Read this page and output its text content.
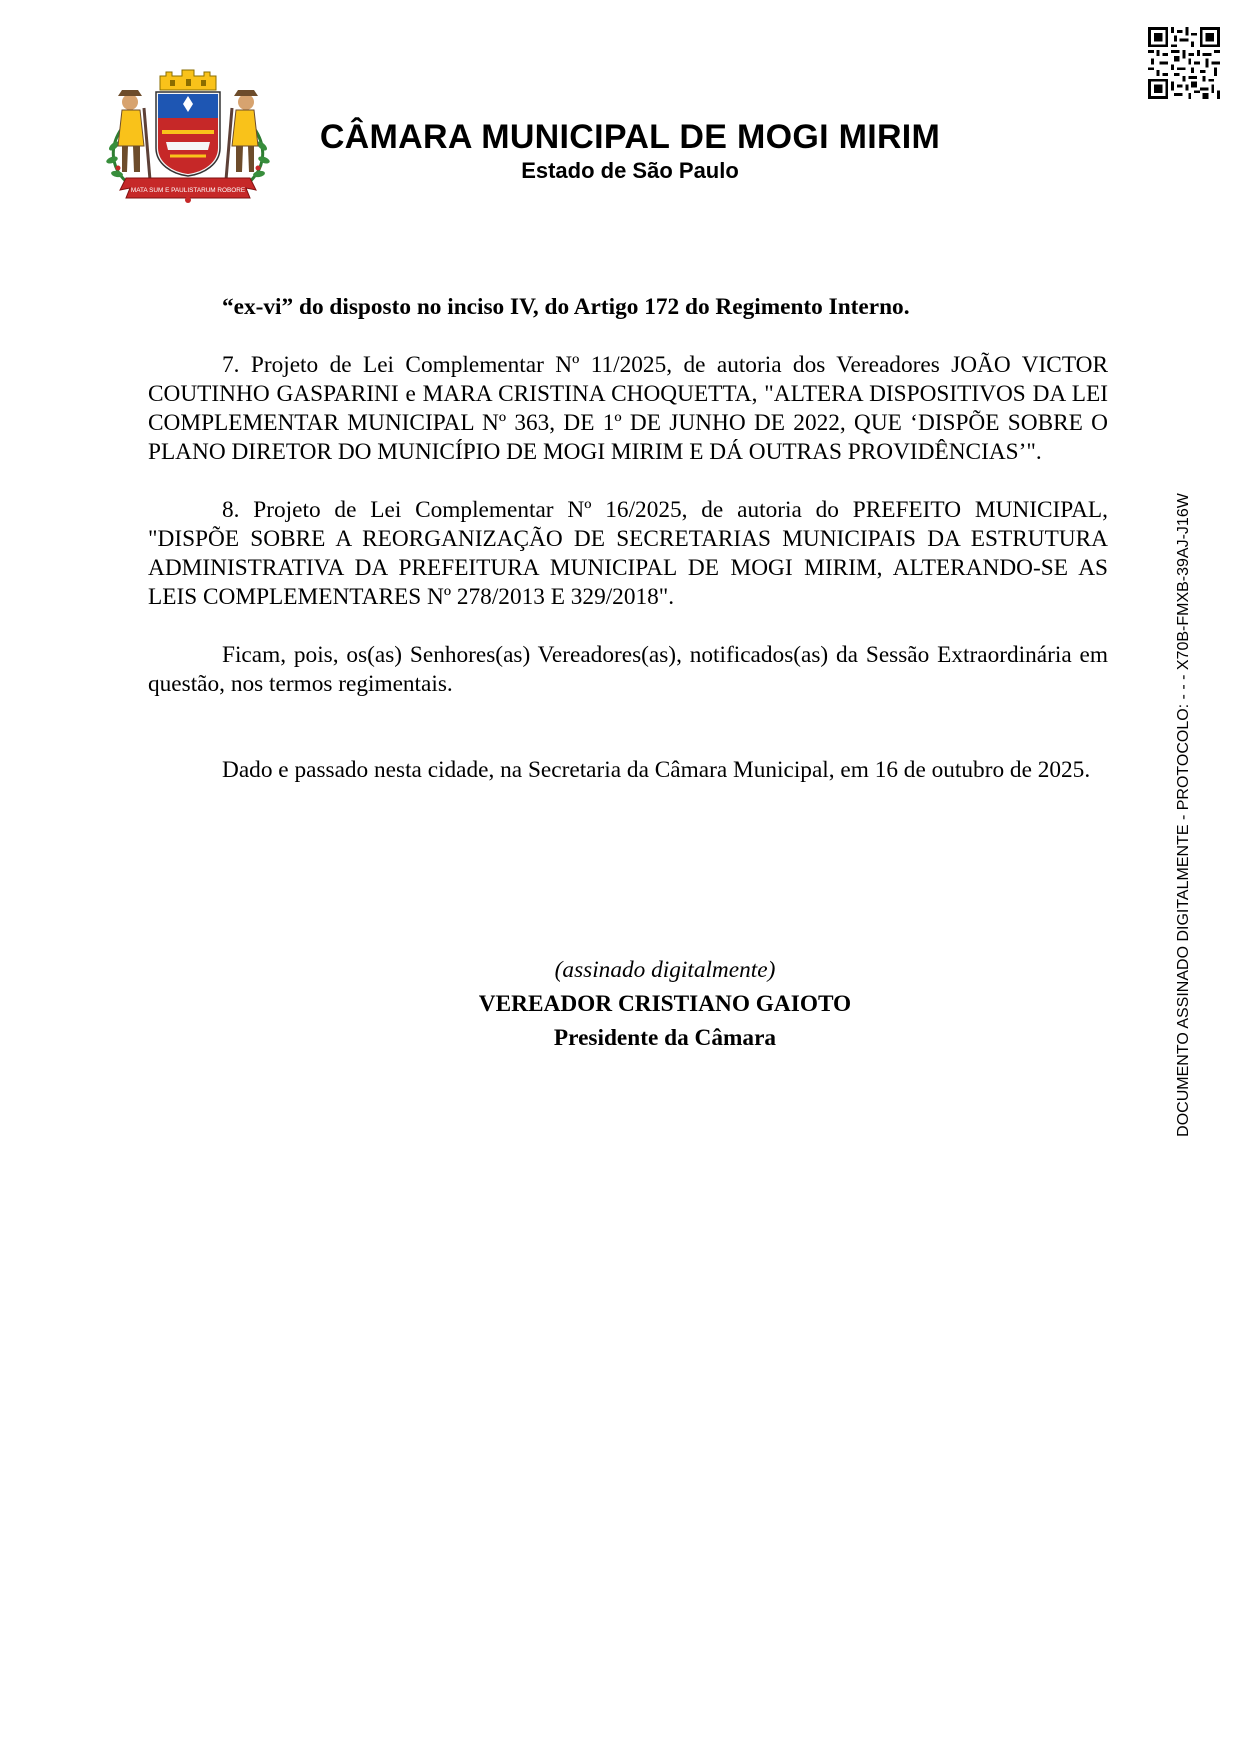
MATA SUM E PAULISTARUM ROBORE
CÂMARA MUNICIPAL DE MOGI MIRIM
Estado de São Paulo

“ex-vi” do disposto no inciso IV, do Artigo 172 do Regimento Interno.

7. Projeto de Lei Complementar Nº 11/2025, de autoria dos Vereadores JOÃO VICTOR COUTINHO GASPARINI e MARA CRISTINA CHOQUETTA, "ALTERA DISPOSITIVOS DA LEI COMPLEMENTAR MUNICIPAL Nº 363, DE 1º DE JUNHO DE 2022, QUE ‘DISPÕE SOBRE O PLANO DIRETOR DO MUNICÍPIO DE MOGI MIRIM E DÁ OUTRAS PROVIDÊNCIAS’".

8. Projeto de Lei Complementar Nº 16/2025, de autoria do PREFEITO MUNICIPAL, "DISPÕE SOBRE A REORGANIZAÇÃO DE SECRETARIAS MUNICIPAIS DA ESTRUTURA ADMINISTRATIVA DA PREFEITURA MUNICIPAL DE MOGI MIRIM, ALTERANDO-SE AS LEIS COMPLEMENTARES Nº 278/2013 E 329/2018".

Ficam, pois, os(as) Senhores(as) Vereadores(as), notificados(as) da Sessão Extraordinária em questão, nos termos regimentais.

Dado e passado nesta cidade, na Secretaria da Câmara Municipal, em 16 de outubro de 2025.

(assinado digitalmente)
VEREADOR CRISTIANO GAIOTO
Presidente da Câmara	DOCUMENTO ASSINADO DIGITALMENTE - PROTOCOLO: - - - X70B-FMXB-39AJ-J16W
